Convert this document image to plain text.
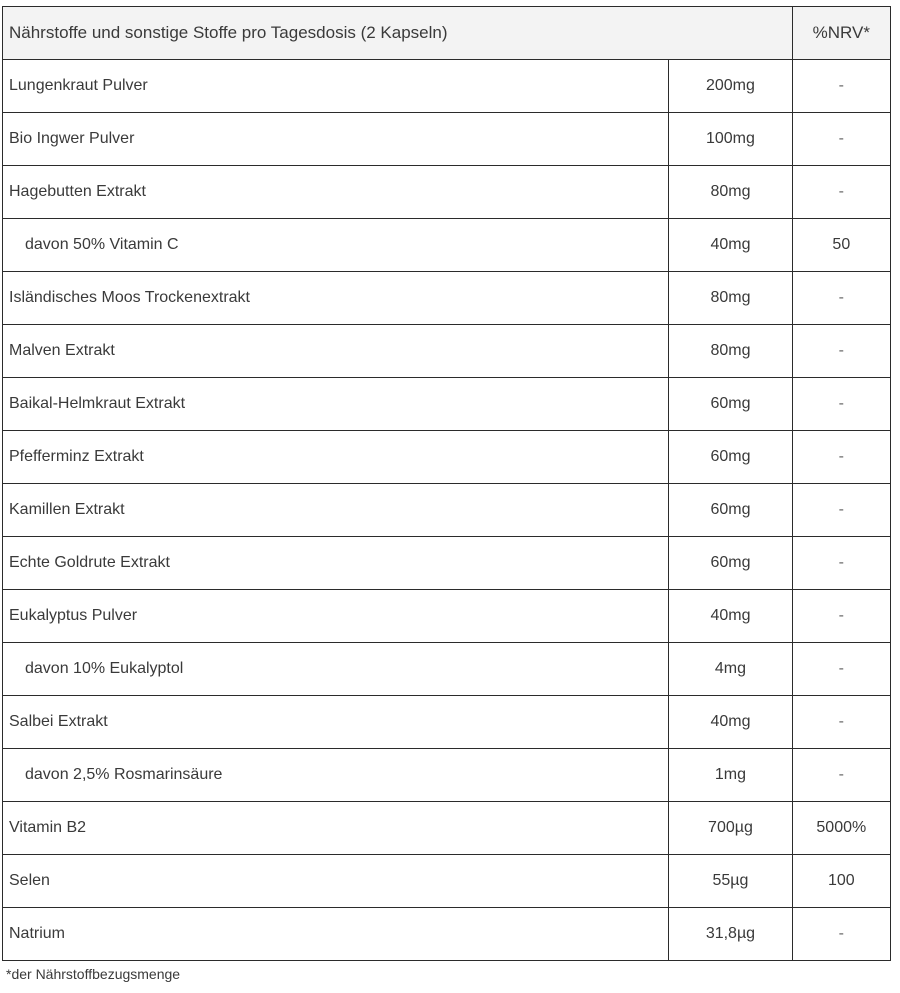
Nährstoffe und sonstige Stoffe pro Tagesdosis (2 Kapseln)		%NRV*
Lungenkraut Pulver	200mg	-
Bio Ingwer Pulver	100mg	-
Hagebutten Extrakt	80mg	-
davon 50% Vitamin C	40mg	50
Isländisches Moos Trockenextrakt	80mg	-
Malven Extrakt	80mg	-
Baikal-Helmkraut Extrakt	60mg	-
Pfefferminz Extrakt	60mg	-
Kamillen Extrakt	60mg	-
Echte Goldrute Extrakt	60mg	-
Eukalyptus Pulver	40mg	-
davon 10% Eukalyptol	4mg	-
Salbei Extrakt	40mg	-
davon 2,5% Rosmarinsäure	1mg	-
Vitamin B2	700µg	5000%
Selen	55µg	100
Natrium	31,8µg	-
*der Nährstoffbezugsmenge
